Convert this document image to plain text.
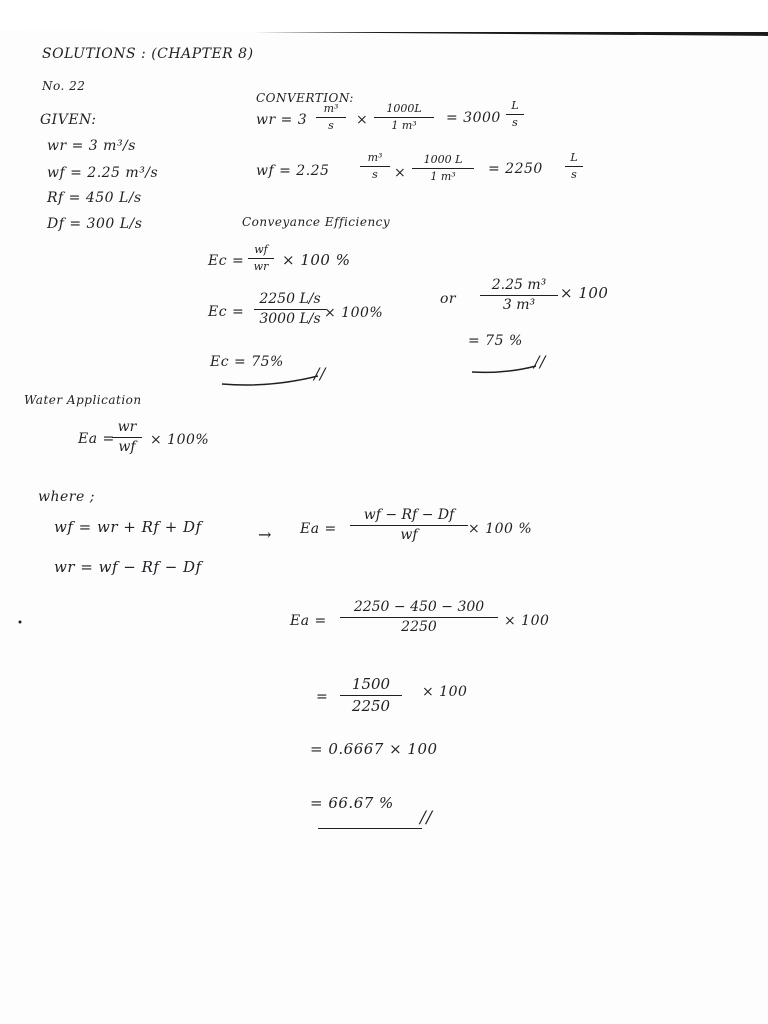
SOLUTIONS : (CHAPTER 8)
No. 22
GIVEN:
wr = 3 m³/s
wf = 2.25 m³/s
Rf = 450 L/s
Df = 300 L/s
CONVERTION:
wr = 3
m³
s	×
1000L
1 m³	= 3000
L
s
wf = 2.25
m³
s	×
1000 L
1 m³	= 2250
L
s
Conveyance Efficiency
Ec =
wf
wr × 100 %
Ec =
2250 L/s
3000 L/s × 100%
Ec = 75%
//
or
2.25 m³
3 m³
× 100
= 75 %
//
Water Application
Ea =
wr
wf	× 100%
where ;
wf = wr + Rf + Df
wr = wf − Rf − Df
→ Ea =
wf − Rf − Df
wf	× 100 %
Ea =
2250 − 450 − 300
2250	× 100
=
1500
2250
× 100
= 0.6667 × 100
= 66.67 %
//
